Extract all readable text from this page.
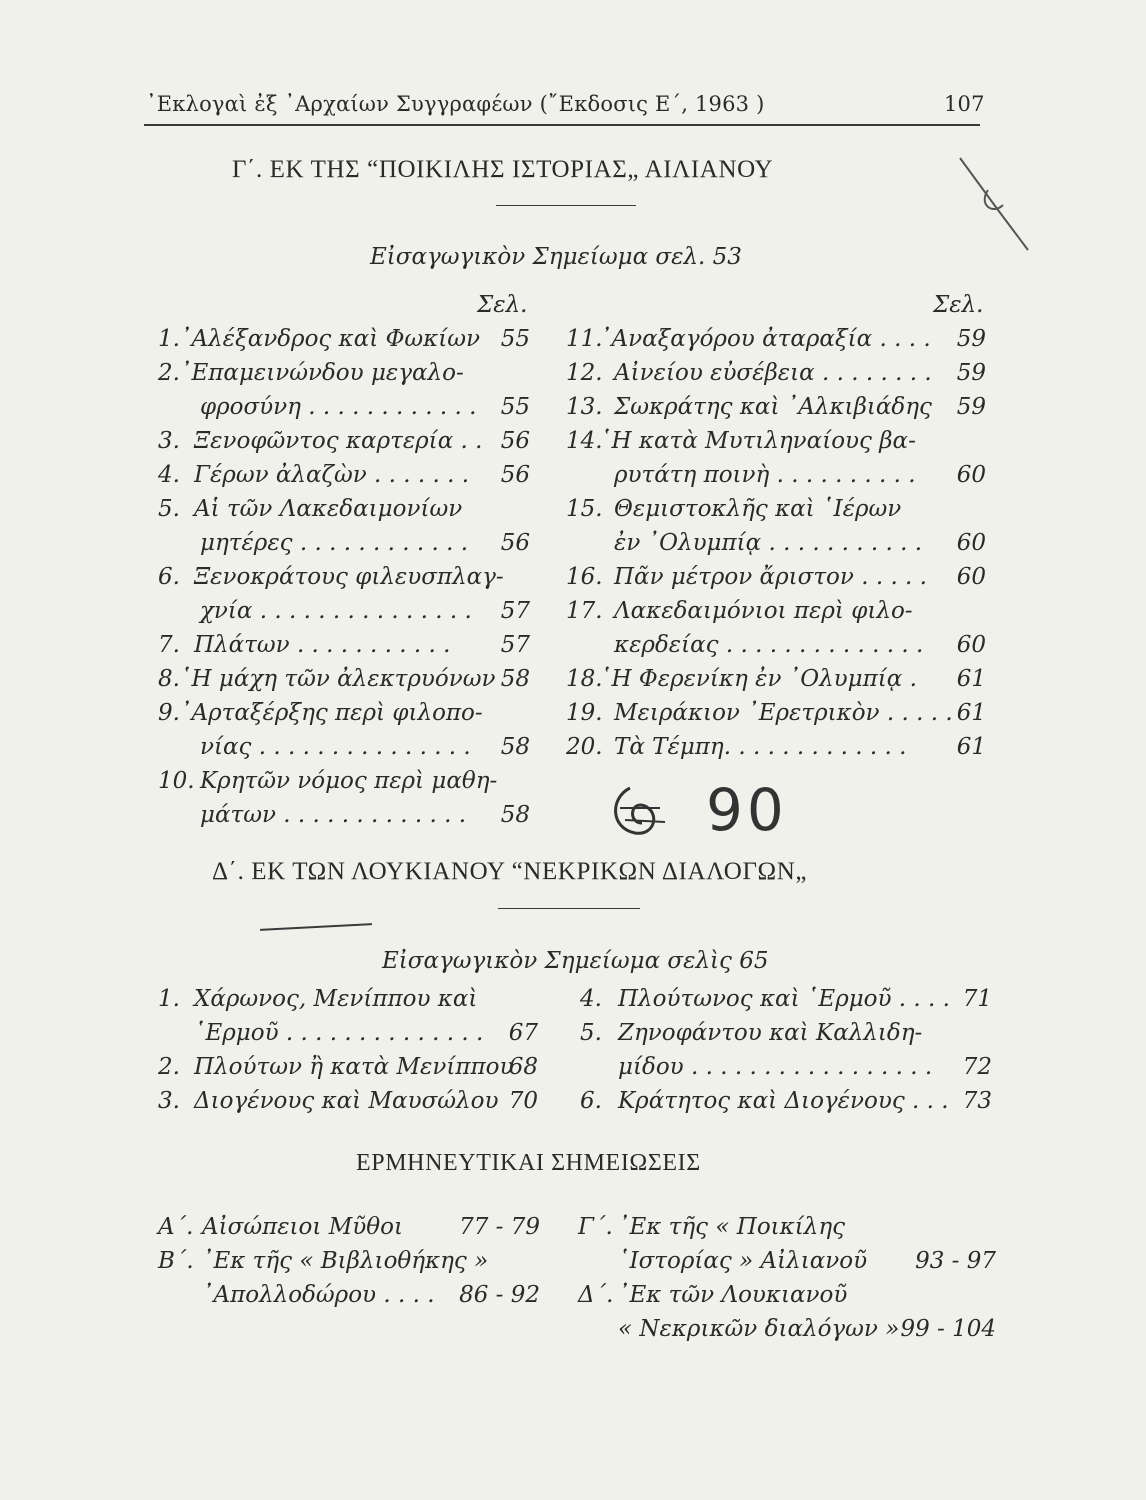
᾿Εκλογαὶ ἐξ ᾿Αρχαίων Συγγραφέων (῎Εκδοσις Ε΄, 1963 )	107
Γ΄. ΕΚ ΤΗΣ “ΠΟΙΚΙΛΗΣ ΙΣΤΟΡΙΑΣ„ ΑΙΛΙΑΝΟΥ
Εἰσαγωγικὸν Σημείωμα σελ. 53
Σελ.	Σελ.
1. ᾿Αλέξανδρος καὶ Φωκίων 55
2. ᾿Επαμεινώνδου μεγαλο-
φροσύνη . . . . . . . . . . . . 55
3. Ξενοφῶντος καρτερία . . 56
4. Γέρων ἀλαζὼν . . . . . . . 56
5. Αἱ τῶν Λακεδαιμονίων
μητέρες . . . . . . . . . . . . 56
6. Ξενοκράτους φιλευσπλαγ-
χνία . . . . . . . . . . . . . . . 57
7. Πλάτων . . . . . . . . . . . 57
8. ῾Η μάχη τῶν ἀλεκτρυόνων 58
9. ᾿Αρταξέρξης περὶ φιλοπο-
νίας . . . . . . . . . . . . . . . 58
10. Κρητῶν νόμος περὶ μαθη-
μάτων . . . . . . . . . . . . . 58
11.
᾿Αναξαγόρου ἀταραξία . . . . 59
12. Αἰνείου εὐσέβεια . . . . . . . . 59
13. Σωκράτης καὶ ᾿Αλκιβιάδης 59
14.
῾Η κατὰ Μυτιληναίους βα-
ρυτάτη ποινὴ . . . . . . . . . . 60
15. Θεμιστοκλῆς καὶ ῾Ιέρων
ἐν ᾿Ολυμπίᾳ . . . . . . . . . . . 60
16. Πᾶν μέτρον ἄριστον . . . . . 60
17. Λακεδαιμόνιοι περὶ φιλο-
κερδείας . . . . . . . . . . . . . . 60
18.
῾Η Φερενίκη ἐν ᾿Ολυμπίᾳ . 61
19. Μειράκιον ᾿Ερετρικὸν . . . . . 61
20. Τὰ Τέμπη. . . . . . . . . . . . . 61
90
Δ΄. ΕΚ ΤΩΝ ΛΟΥΚΙΑΝΟΥ “ΝΕΚΡΙΚΩΝ ΔΙΑΛΟΓΩΝ„
Εἰσαγωγικὸν Σημείωμα σελὶς 65
1. Χάρωνος, Μενίππου καὶ
῾Ερμοῦ . . . . . . . . . . . . . . 67
2. Πλούτων ἢ κατὰ Μενίππου
68
3. Διογένους καὶ Μαυσώλου 70
4. Πλούτωνος καὶ ῾Ερμοῦ . . . . 71
5. Ζηνοφάντου καὶ Καλλιδη-
μίδου . . . . . . . . . . . . . . . . . 72
6. Κράτητος καὶ Διογένους . . . 73
ΕΡΜΗΝΕΥΤΙΚΑΙ ΣΗΜΕΙΩΣΕΙΣ
Α΄. Αἰσώπειοι Μῦθοι 77 - 79
Β΄. ᾿Εκ τῆς « Βιβλιοθήκης »
᾿Απολλοδώρου . . . . 86 - 92
Γ΄. ᾿Εκ τῆς « Ποικίλης
῾Ιστορίας » Αἰλιανοῦ 93 - 97
Δ΄. ᾿Εκ τῶν Λουκιανοῦ
« Νεκρικῶν διαλόγων » 99 - 104
